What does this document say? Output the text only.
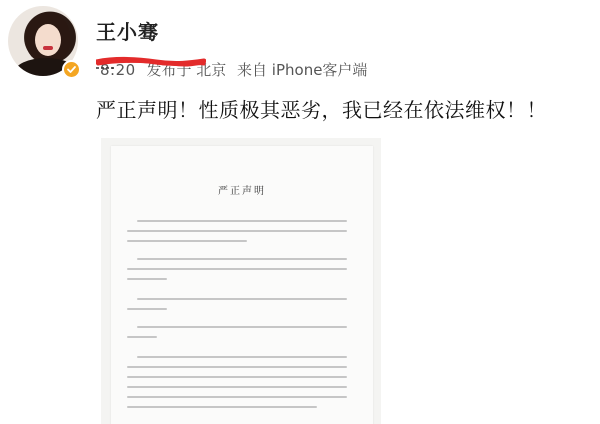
王小骞
8:20 发布于 北京 来自 iPhone客户端
严正声明！性质极其恶劣，我已经在依法维权！！
严正声明
